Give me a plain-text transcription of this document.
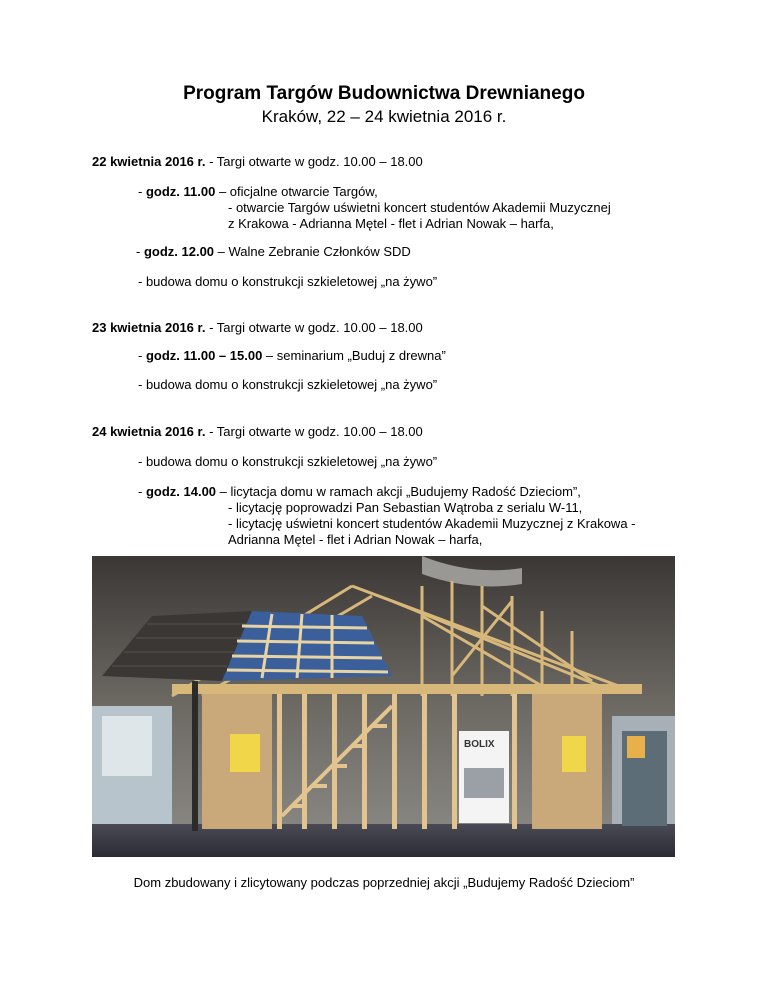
Program Targów Budownictwa Drewnianego
Kraków, 22 – 24 kwietnia 2016 r.
22 kwietnia 2016 r. - Targi otwarte w godz. 10.00 – 18.00
- godz. 11.00 – oficjalne otwarcie Targów,
- otwarcie Targów uświetni koncert studentów Akademii Muzycznej
z Krakowa - Adrianna Mętel - flet i Adrian Nowak – harfa,
- godz. 12.00 – Walne Zebranie Członków SDD
- budowa domu o konstrukcji szkieletowej „na żywo”
23 kwietnia 2016 r. - Targi otwarte w godz. 10.00 – 18.00
- godz. 11.00 – 15.00 – seminarium „Buduj z drewna”
- budowa domu o konstrukcji szkieletowej „na żywo”
24 kwietnia 2016 r. - Targi otwarte w godz. 10.00 – 18.00
- budowa domu o konstrukcji szkieletowej „na żywo”
- godz. 14.00 – licytacja domu w ramach akcji „Budujemy Radość Dzieciom”,
- licytację poprowadzi Pan Sebastian Wątroba z serialu W-11,
- licytację uświetni koncert studentów Akademii Muzycznej z Krakowa -
Adrianna Mętel - flet i Adrian Nowak – harfa,
BOLIX
Dom zbudowany i zlicytowany podczas poprzedniej akcji „Budujemy Radość Dzieciom”
